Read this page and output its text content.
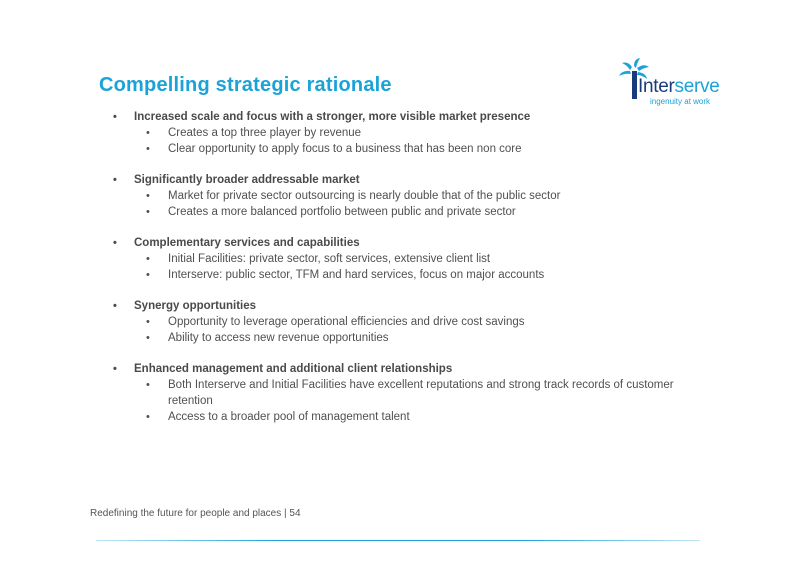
Compelling strategic rationale	Interserve
ingenuity at work
• Increased scale and focus with a stronger, more visible market presence
• Creates a top three player by revenue
• Clear opportunity to apply focus to a business that has been non core
• Significantly broader addressable market
• Market for private sector outsourcing is nearly double that of the public sector
• Creates a more balanced portfolio between public and private sector
• Complementary services and capabilities
• Initial Facilities: private sector, soft services, extensive client list
• Interserve: public sector, TFM and hard services, focus on major accounts
• Synergy opportunities
• Opportunity to leverage operational efficiencies and drive cost savings
• Ability to access new revenue opportunities
• Enhanced management and additional client relationships
• Both Interserve and Initial Facilities have excellent reputations and strong track records of customer retention
• Access to a broader pool of management talent
Redefining the future for people and places | 54
